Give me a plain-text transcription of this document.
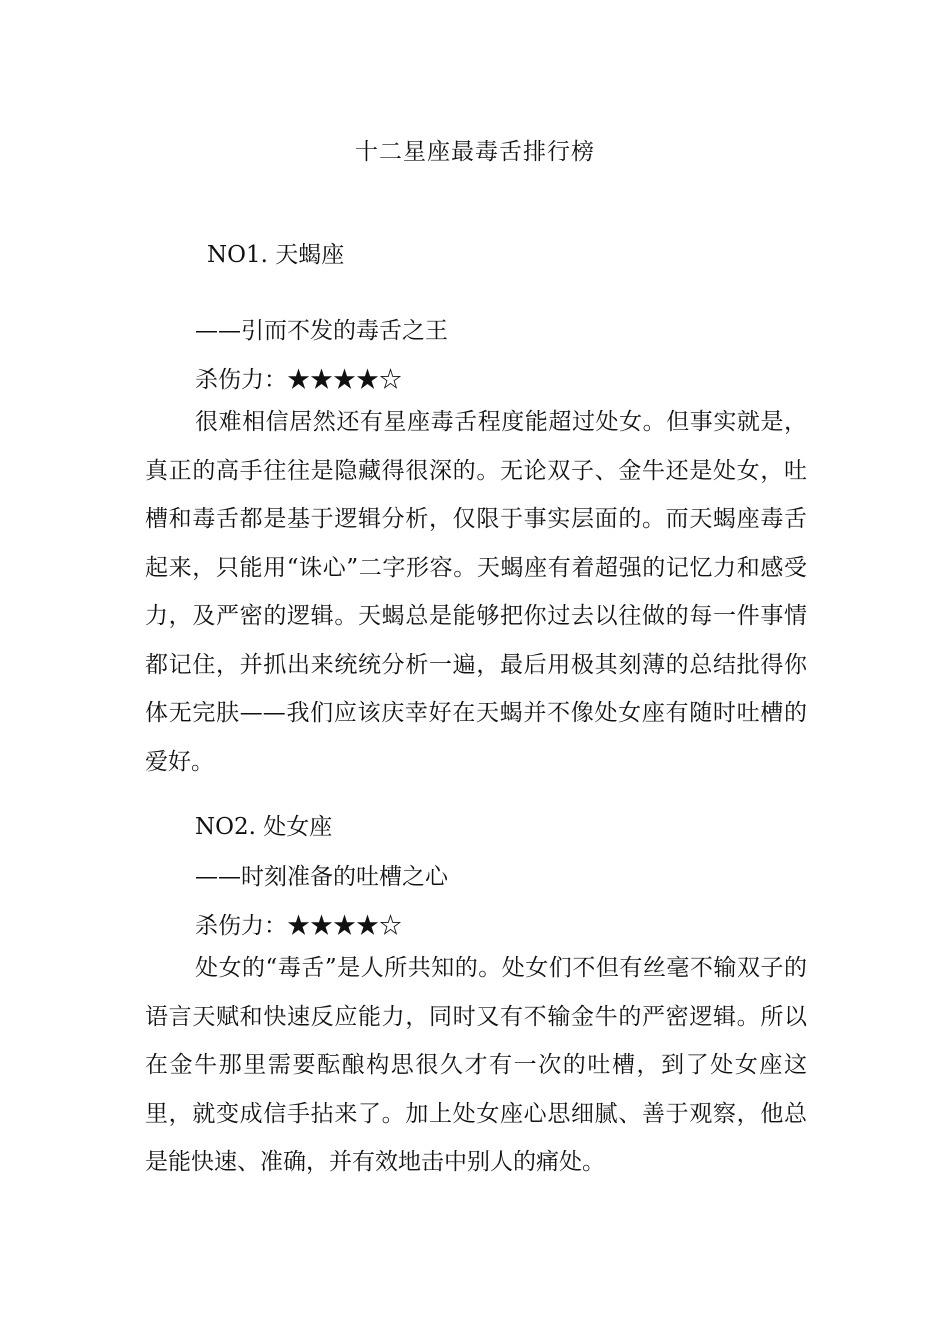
十二星座最毒舌排行榜
NO1. 天蝎座
——引而不发的毒舌之王
杀伤力：★★★★☆
很难相信居然还有星座毒舌程度能超过处女。但事实就是，真正的高手往往是隐藏得很深的。无论双子、金牛还是处女，吐槽和毒舌都是基于逻辑分析，仅限于事实层面的。而天蝎座毒舌起来，只能用“诛心”二字形容。天蝎座有着超强的记忆力和感受力，及严密的逻辑。天蝎总是能够把你过去以往做的每一件事情都记住，并抓出来统统分析一遍，最后用极其刻薄的总结批得你体无完肤——我们应该庆幸好在天蝎并不像处女座有随时吐槽的爱好。
NO2. 处女座
——时刻准备的吐槽之心
杀伤力：★★★★☆
处女的“毒舌”是人所共知的。处女们不但有丝毫不输双子的语言天赋和快速反应能力，同时又有不输金牛的严密逻辑。所以在金牛那里需要酝酿构思很久才有一次的吐槽，到了处女座这里，就变成信手拈来了。加上处女座心思细腻、善于观察，他总是能快速、准确，并有效地击中别人的痛处。
